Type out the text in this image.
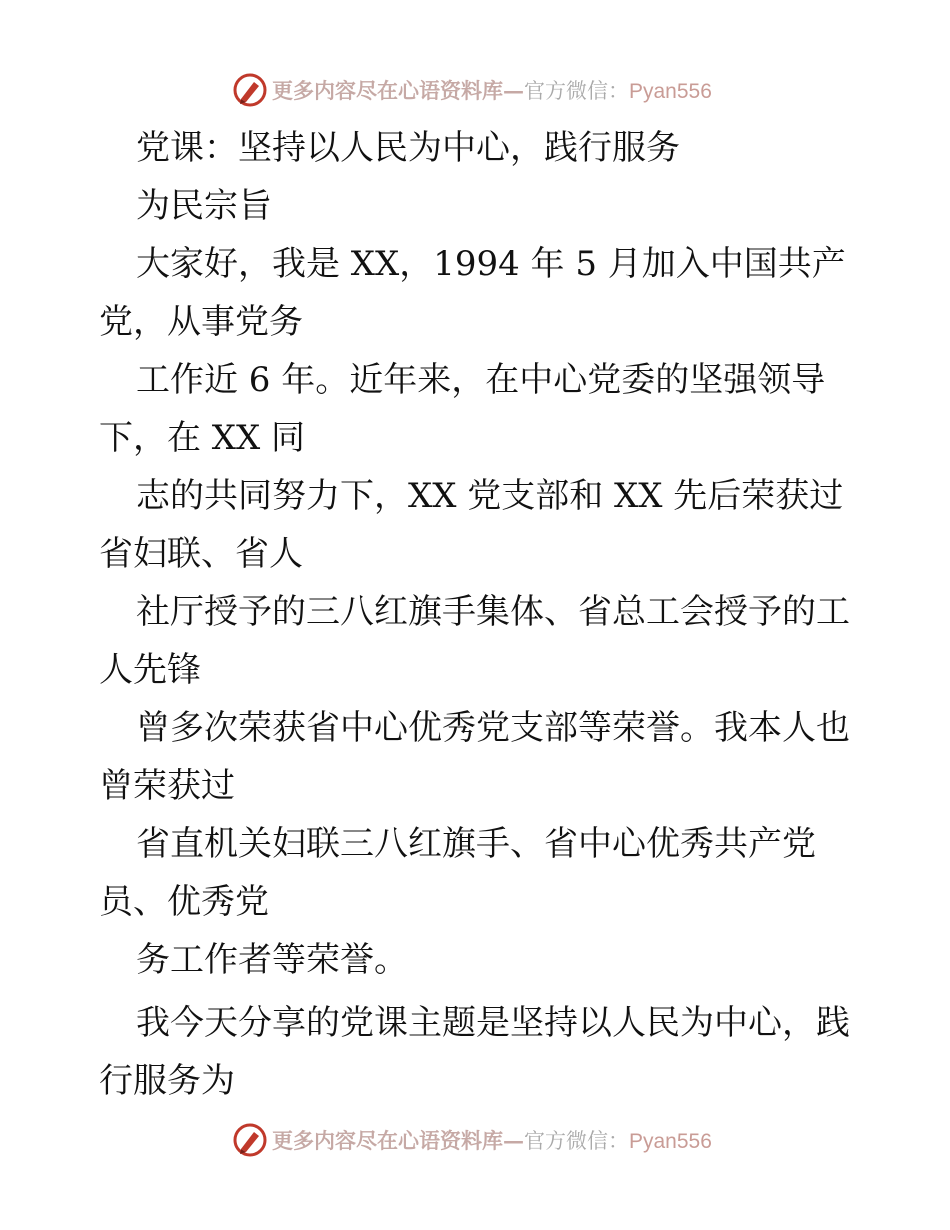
更多内容尽在心语资料库—官方微信：Pyan556
党课：坚持以人民为中心，践行服务
为民宗旨
大家好，我是 XX，1994 年 5 月加入中国共产
党，从事党务
工作近 6 年。近年来，在中心党委的坚强领导
下，在 XX 同
志的共同努力下，XX 党支部和 XX 先后荣获过
省妇联、省人
社厅授予的三八红旗手集体、省总工会授予的工
人先锋
曾多次荣获省中心优秀党支部等荣誉。我本人也
曾荣获过
省直机关妇联三八红旗手、省中心优秀共产党
员、优秀党
务工作者等荣誉。
我今天分享的党课主题是坚持以人民为中心，践
行服务为
更多内容尽在心语资料库—官方微信：Pyan556
